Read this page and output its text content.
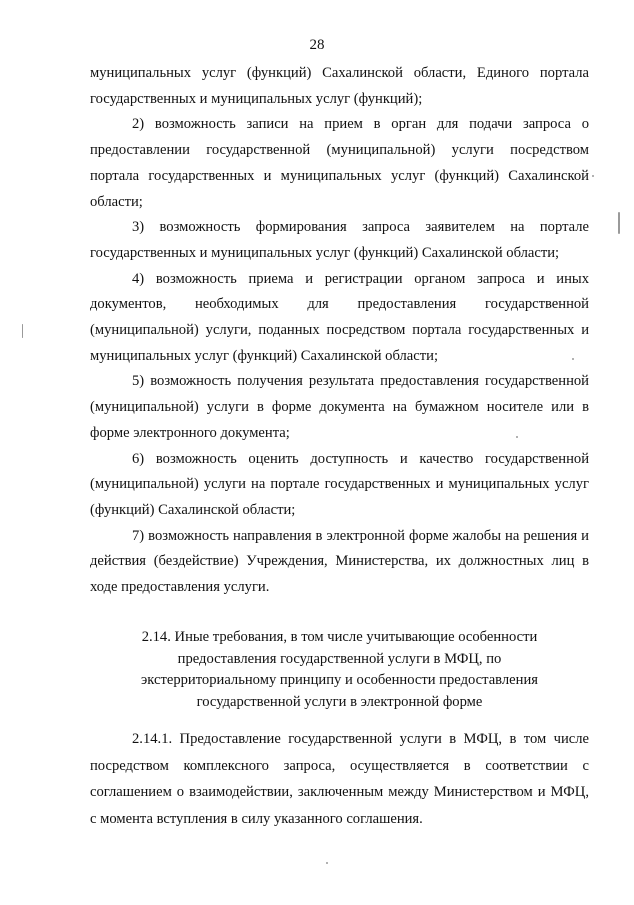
28

муниципальных услуг (функций) Сахалинской области, Единого портала государственных и муниципальных услуг (функций);

2) возможность записи на прием в орган для подачи запроса о предоставлении государственной (муниципальной) услуги посредством портала государственных и муниципальных услуг (функций) Сахалинской области;

3) возможность формирования запроса заявителем на портале государственных и муниципальных услуг (функций) Сахалинской области;

4) возможность приема и регистрации органом запроса и иных документов, необходимых для предоставления государственной (муниципальной) услуги, поданных посредством портала государственных и муниципальных услуг (функций) Сахалинской области;

5) возможность получения результата предоставления государственной (муниципальной) услуги в форме документа на бумажном носителе или в форме электронного документа;

6) возможность оценить доступность и качество государственной (муниципальной) услуги на портале государственных и муниципальных услуг (функций) Сахалинской области;

7) возможность направления в электронной форме жалобы на решения и действия (бездействие) Учреждения, Министерства, их должностных лиц в ходе предоставления услуги.

2.14. Иные требования, в том числе учитывающие особенности
предоставления государственной услуги в МФЦ, по
экстерриториальному принципу и особенности предоставления
государственной услуги в электронной форме

2.14.1. Предоставление государственной услуги в МФЦ, в том числе посредством комплексного запроса, осуществляется в соответствии с соглашением о взаимодействии, заключенным между Министерством и МФЦ, с момента вступления в силу указанного соглашения.
